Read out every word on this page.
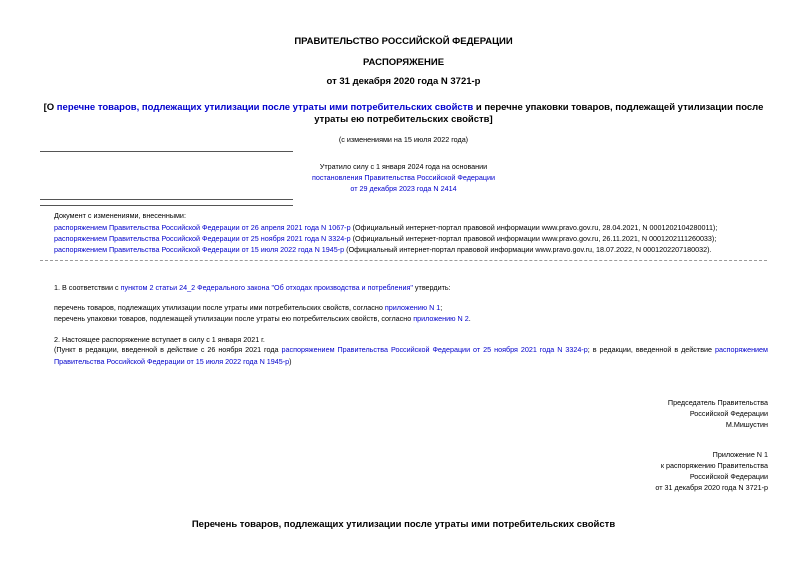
ПРАВИТЕЛЬСТВО РОССИЙСКОЙ ФЕДЕРАЦИИ
РАСПОРЯЖЕНИЕ
от 31 декабря 2020 года N 3721-р
[О перечне товаров, подлежащих утилизации после утраты ими потребительских свойств и перечне упаковки товаров, подлежащей утилизации после утраты ею потребительских свойств]
(с изменениями на 15 июля 2022 года)
Утратило силу с 1 января 2024 года на основании
постановления Правительства Российской Федерации
от 29 декабря 2023 года N 2414
Документ с изменениями, внесенными:
распоряжением Правительства Российской Федерации от 26 апреля 2021 года N 1067-р (Официальный интернет-портал правовой информации www.pravo.gov.ru, 28.04.2021, N 0001202104280011);
распоряжением Правительства Российской Федерации от 25 ноября 2021 года N 3324-р (Официальный интернет-портал правовой информации www.pravo.gov.ru, 26.11.2021, N 0001202111260033);
распоряжением Правительства Российской Федерации от 15 июля 2022 года N 1945-р (Официальный интернет-портал правовой информации www.pravo.gov.ru, 18.07.2022, N 0001202207180032).
1. В соответствии с пунктом 2 статьи 24_2 Федерального закона "Об отходах производства и потребления" утвердить:
перечень товаров, подлежащих утилизации после утраты ими потребительских свойств, согласно приложению N 1;
перечень упаковки товаров, подлежащей утилизации после утраты ею потребительских свойств, согласно приложению N 2.
2. Настоящее распоряжение вступает в силу с 1 января 2021 г.
(Пункт в редакции, введенной в действие с 26 ноября 2021 года распоряжением Правительства Российской Федерации от 25 ноября 2021 года N 3324-р; в редакции, введенной в действие распоряжением Правительства Российской Федерации от 15 июля 2022 года N 1945-р)
Председатель Правительства
Российской Федерации
М.Мишустин
Приложение N 1
к распоряжению Правительства
Российской Федерации
от 31 декабря 2020 года N 3721-р
Перечень товаров, подлежащих утилизации после утраты ими потребительских свойств
